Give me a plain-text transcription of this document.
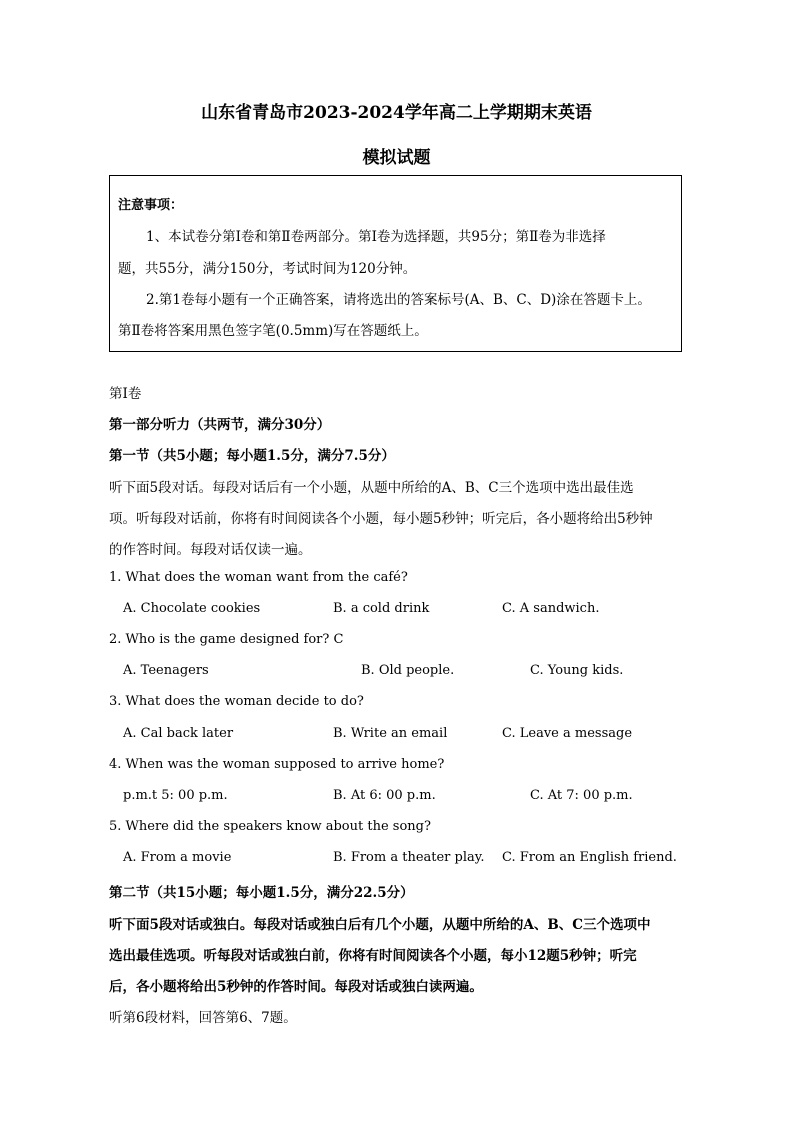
山东省青岛市2023-2024学年高二上学期期末英语
模拟试题
注意事项：
1、本试卷分第Ⅰ卷和第Ⅱ卷两部分。第Ⅰ卷为选择题，共95分；第Ⅱ卷为非选择
题，共55分，满分150分，考试时间为120分钟。
2.第1卷每小题有一个正确答案，请将选出的答案标号(A、B、C、D)涂在答题卡上。
第Ⅱ卷将答案用黑色签字笔(0.5mm)写在答题纸上。
第Ⅰ卷
第一部分听力（共两节，满分30分）
第一节（共5小题；每小题1.5分，满分7.5分）
听下面5段对话。每段对话后有一个小题，从题中所给的A、B、C三个选项中选出最佳选
项。听每段对话前，你将有时间阅读各个小题，每小题5秒钟；听完后，各小题将给出5秒钟
的作答时间。每段对话仅读一遍。
1. What does the woman want from the café?
A. Chocolate cookies	B. a cold drink	C. A sandwich.
2. Who is the game designed for? C
A. Teenagers	B. Old people.	C. Young kids.
3. What does the woman decide to do?
A. Cal back later	B. Write an email	C. Leave a message
4. When was the woman supposed to arrive home?
p.m.t 5: 00 p.m.	B. At 6: 00 p.m.	C. At 7: 00 p.m.
5. Where did the speakers know about the song?
A. From a movie	B. From a theater play. C. From an English friend.
第二节（共15小题；每小题1.5分，满分22.5分）
听下面5段对话或独白。每段对话或独白后有几个小题，从题中所给的A、B、C三个选项中
选出最佳选项。听每段对话或独白前，你将有时间阅读各个小题，每小12题5秒钟；听完
后，各小题将给出5秒钟的作答时间。每段对话或独白读两遍。
听第6段材料，回答第6、7题。
